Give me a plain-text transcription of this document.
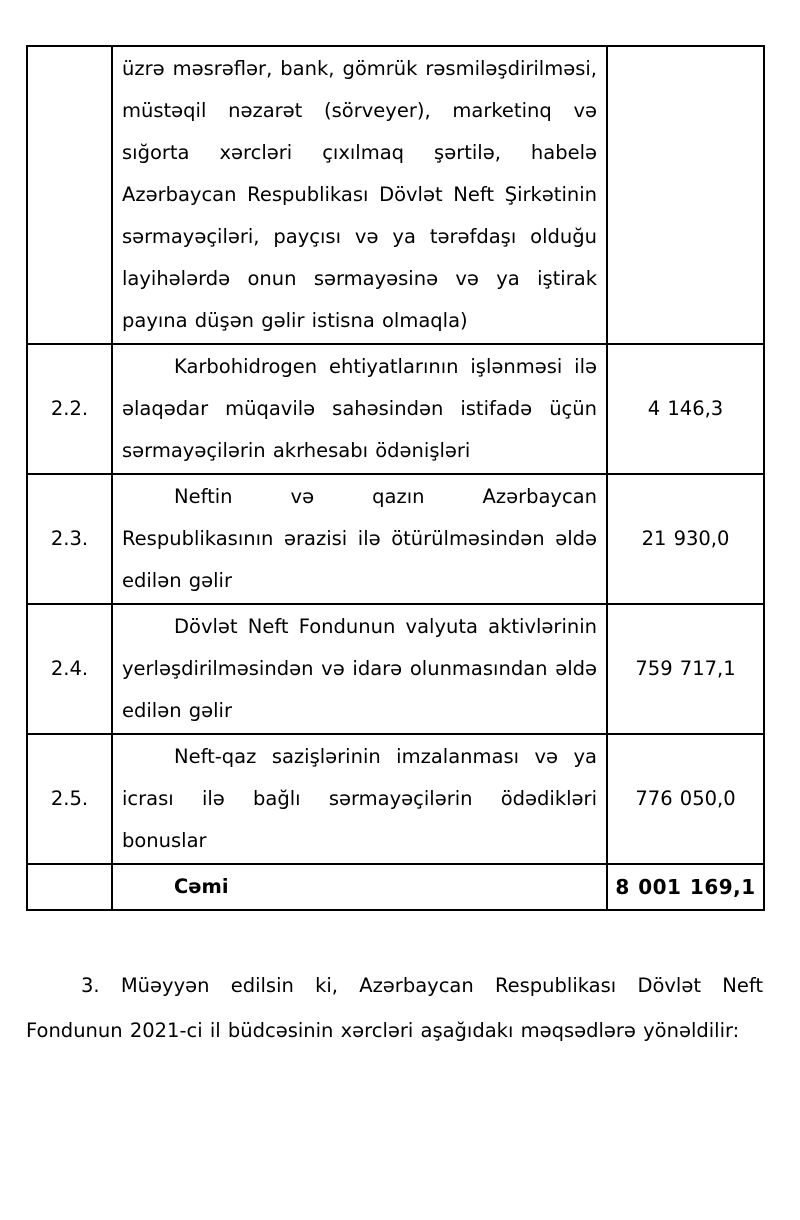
	üzrə məsrəflər, bank, gömrük rəsmiləşdirilməsi, müstəqil nəzarət (sörveyer), marketinq və sığorta xərcləri çıxılmaq şərtilə, habelə Azərbaycan Respublikası Dövlət Neft Şirkətinin sərmayəçiləri, payçısı və ya tərəfdaşı olduğu layihələrdə onun sərmayəsinə və ya iştirak payına düşən gəlir istisna olmaqla)	
2.2.	Karbohidrogen ehtiyatlarının işlənməsi ilə əlaqədar müqavilə sahəsindən istifadə üçün sərmayəçilərin akrhesabı ödənişləri	4 146,3
2.3.	Neftin və qazın Azərbaycan Respublikasının ərazisi ilə ötürülməsindən əldə edilən gəlir	21 930,0
2.4.	Dövlət Neft Fondunun valyuta aktivlərinin yerləşdirilməsindən və idarə olunmasından əldə edilən gəlir	759 717,1
2.5.	Neft-qaz sazişlərinin imzalanması və ya icrası ilə bağlı sərmayəçilərin ödədikləri bonuslar	776 050,0
	Cəmi	8 001 169,1
3. Müəyyən edilsin ki, Azərbaycan Respublikası Dövlət Neft Fondunun 2021-ci il büdcəsinin xərcləri aşağıdakı məqsədlərə yönəldilir:
